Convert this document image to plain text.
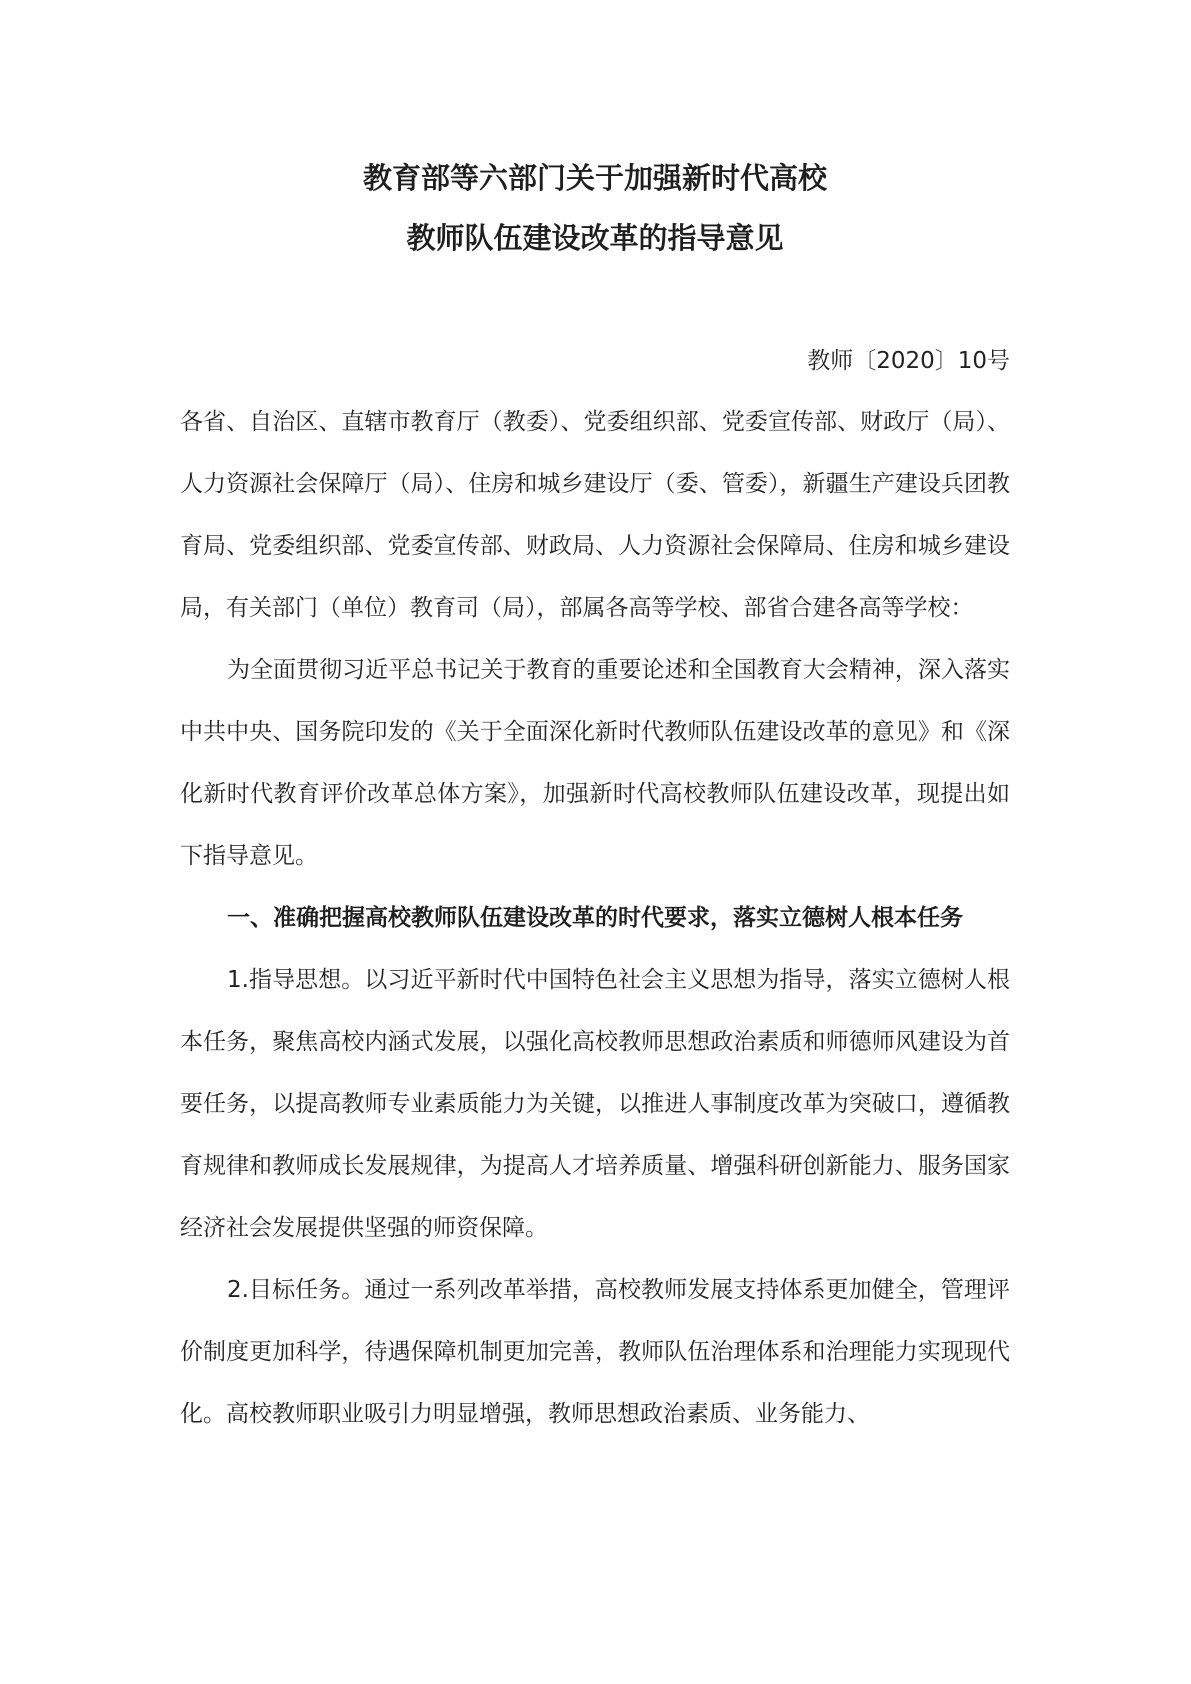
教育部等六部门关于加强新时代高校
教师队伍建设改革的指导意见
教师〔2020〕10号

各省、自治区、直辖市教育厅（教委）、党委组织部、党委宣传部、财政厅（局）、人力资源社会保障厅（局）、住房和城乡建设厅（委、管委），新疆生产建设兵团教育局、党委组织部、党委宣传部、财政局、人力资源社会保障局、住房和城乡建设局，有关部门（单位）教育司（局），部属各高等学校、部省合建各高等学校：

为全面贯彻习近平总书记关于教育的重要论述和全国教育大会精神，深入落实中共中央、国务院印发的《关于全面深化新时代教师队伍建设改革的意见》和《深化新时代教育评价改革总体方案》，加强新时代高校教师队伍建设改革，现提出如下指导意见。

一、准确把握高校教师队伍建设改革的时代要求，落实立德树人根本任务

1.指导思想。以习近平新时代中国特色社会主义思想为指导，落实立德树人根本任务，聚焦高校内涵式发展，以强化高校教师思想政治素质和师德师风建设为首要任务，以提高教师专业素质能力为关键，以推进人事制度改革为突破口，遵循教育规律和教师成长发展规律，为提高人才培养质量、增强科研创新能力、服务国家经济社会发展提供坚强的师资保障。

2.目标任务。通过一系列改革举措，高校教师发展支持体系更加健全，管理评价制度更加科学，待遇保障机制更加完善，教师队伍治理体系和治理能力实现现代化。高校教师职业吸引力明显增强，教师思想政治素质、业务能力、
